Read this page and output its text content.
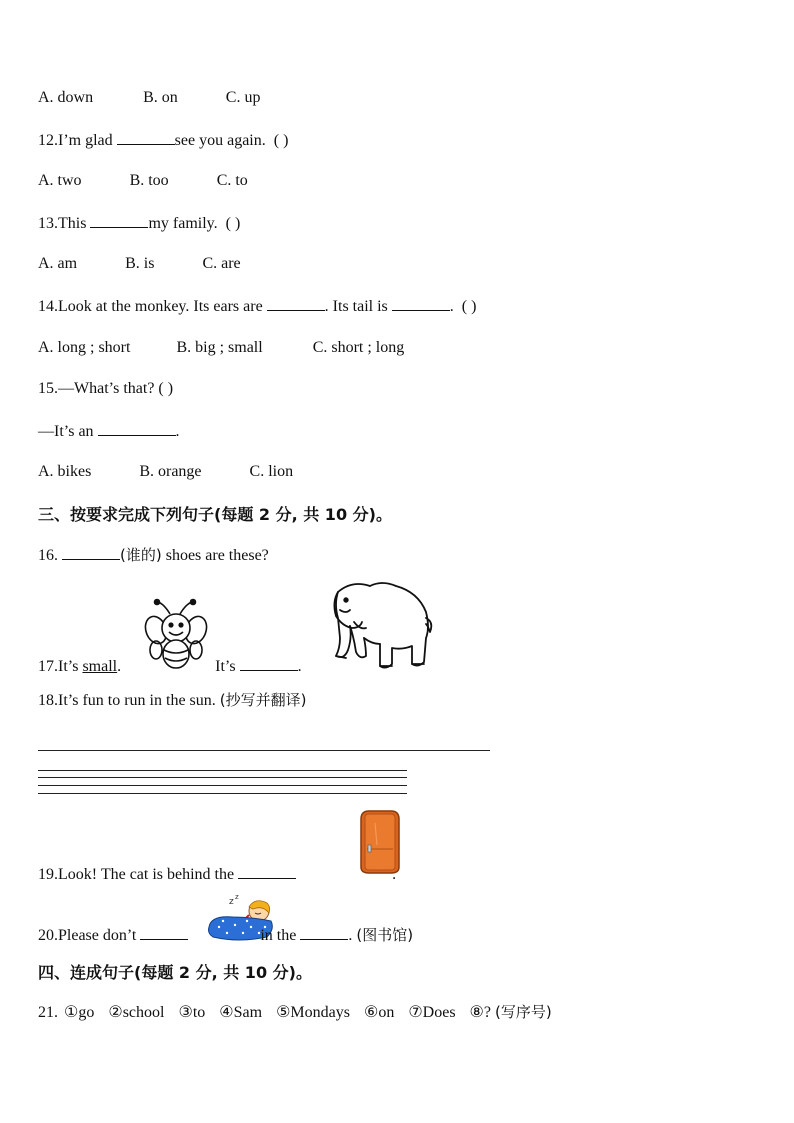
A. down	B. on	C. up
12.I’m glad	see you again. ( )
A. two	B. too	C. to
13.This	my family. ( )
A. am	B. is	C. are
14.Look at the monkey. Its ears are	. Its tail is	. ( )
A. long ; short	B. big ; small	C. short ; long
15.—What’s that? ( )
—It’s an	.
A. bikes	B. orange	C. lion
三、按要求完成下列句子(每题 2 分, 共 10 分)。
16.	(谁的) shoes are these?
17.It’s small.	It’s	.
18.It’s fun to run in the sun. (抄写并翻译)
19.Look! The cat is behind the	.
z z
20.Please don’t	in the	. (图书馆)
四、连成句子(每题 2 分, 共 10 分)。
21. ①go ②school ③to ④Sam ⑤Mondays ⑥on ⑦Does ⑧? (写序号)
